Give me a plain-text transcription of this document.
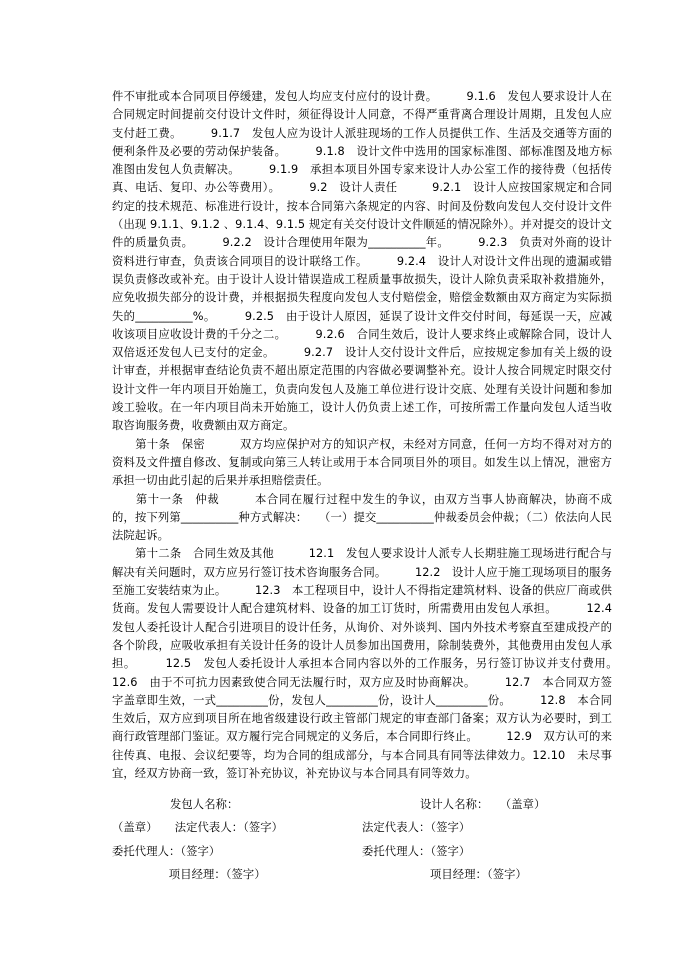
件不审批或本合同项目停缓建，发包人均应支付应付的设计费。　　　9.1.6　发包人要求设计人在合同规定时间提前交付设计文件时，须征得设计人同意，不得严重背离合理设计周期，且发包人应支付赶工费。　　　9.1.7　发包人应为设计人派驻现场的工作人员提供工作、生活及交通等方面的便利条件及必要的劳动保护装备。　　　9.1.8　设计文件中选用的国家标准图、部标准图及地方标准图由发包人负责解决。　　　9.1.9　承担本项目外国专家来设计人办公室工作的接待费（包括传真、电话、复印、办公等费用）。　　　9.2　设计人责任　　　9.2.1　设计人应按国家规定和合同约定的技术规范、标准进行设计，按本合同第六条规定的内容、时间及份数向发包人交付设计文件（出现 9.1.1、9.1.2 、9.1.4、9.1.5 规定有关交付设计文件顺延的情况除外）。并对提交的设计文件的质量负责。　　　9.2.2　设计合理使用年限为__________年。　　　9.2.3　负责对外商的设计资料进行审查，负责该合同项目的设计联络工作。　　　9.2.4　设计人对设计文件出现的遗漏或错误负责修改或补充。由于设计人设计错误造成工程质量事故损失，设计人除负责采取补救措施外，应免收损失部分的设计费，并根据损失程度向发包人支付赔偿金，赔偿金数额由双方商定为实际损失的__________%。　　　9.2.5　由于设计人原因，延误了设计文件交付时间，每延误一天，应减收该项目应收设计费的千分之二。　　　9.2.6　合同生效后，设计人要求终止或解除合同，设计人双倍返还发包人已支付的定金。　　　9.2.7　设计人交付设计文件后，应按规定参加有关上级的设计审查，并根据审查结论负责不超出原定范围的内容做必要调整补充。设计人按合同规定时限交付设计文件一年内项目开始施工，负责向发包人及施工单位进行设计交底、处理有关设计问题和参加竣工验收。在一年内项目尚未开始施工，设计人仍负责上述工作，可按所需工作量向发包人适当收取咨询服务费，收费额由双方商定。

　　第十条　保密　　　双方均应保护对方的知识产权，未经对方同意，任何一方均不得对对方的资料及文件擅自修改、复制或向第三人转让或用于本合同项目外的项目。如发生以上情况，泄密方承担一切由此引起的后果并承担赔偿责任。

　　第十一条　仲裁　　　本合同在履行过程中发生的争议，由双方当事人协商解决，协商不成的，按下列第__________种方式解决：　　（一）提交__________仲裁委员会仲裁；（二）依法向人民法院起诉。

　　第十二条　合同生效及其他　　　12.1　发包人要求设计人派专人长期驻施工现场进行配合与解决有关问题时，双方应另行签订技术咨询服务合同。　　　12.2　设计人应于施工现场项目的服务至施工安装结束为止。　　　12.3　本工程项目中，设计人不得指定建筑材料、设备的供应厂商或供货商。发包人需要设计人配合建筑材料、设备的加工订货时，所需费用由发包人承担。　　　12.4　发包人委托设计人配合引进项目的设计任务，从询价、对外谈判、国内外技术考察直至建成投产的各个阶段，应吸收承担有关设计任务的设计人员参加出国费用，除制装费外，其他费用由发包人承担。　　　12.5　发包人委托设计人承担本合同内容以外的工作服务，另行签订协议并支付费用。　　　12.6　由于不可抗力因素致使合同无法履行时，双方应及时协商解决。　　　12.7　本合同双方签字盖章即生效，一式_________份，发包人_________份，设计人_________份。　　　12.8　本合同生效后，双方应到项目所在地省级建设行政主管部门规定的审查部门备案；双方认为必要时，到工商行政管理部门鉴证。双方履行完合同规定的义务后，本合同即行终止。　　　12.9　双方认可的来往传真、电报、会议纪要等，均为合同的组成部分，与本合同具有同等法律效力。12.10　未尽事宜，经双方协商一致，签订补充协议，补充协议与本合同具有同等效力。

发包人名称：　　　　　　　　　　	设计人名称：　　（盖章）
（盖章）　　法定代表人：（签字）	法定代表人：（签字）
委托代理人：（签字）	委托代理人：（签字）
　　项目经理：（签字）	项目经理：（签字）
